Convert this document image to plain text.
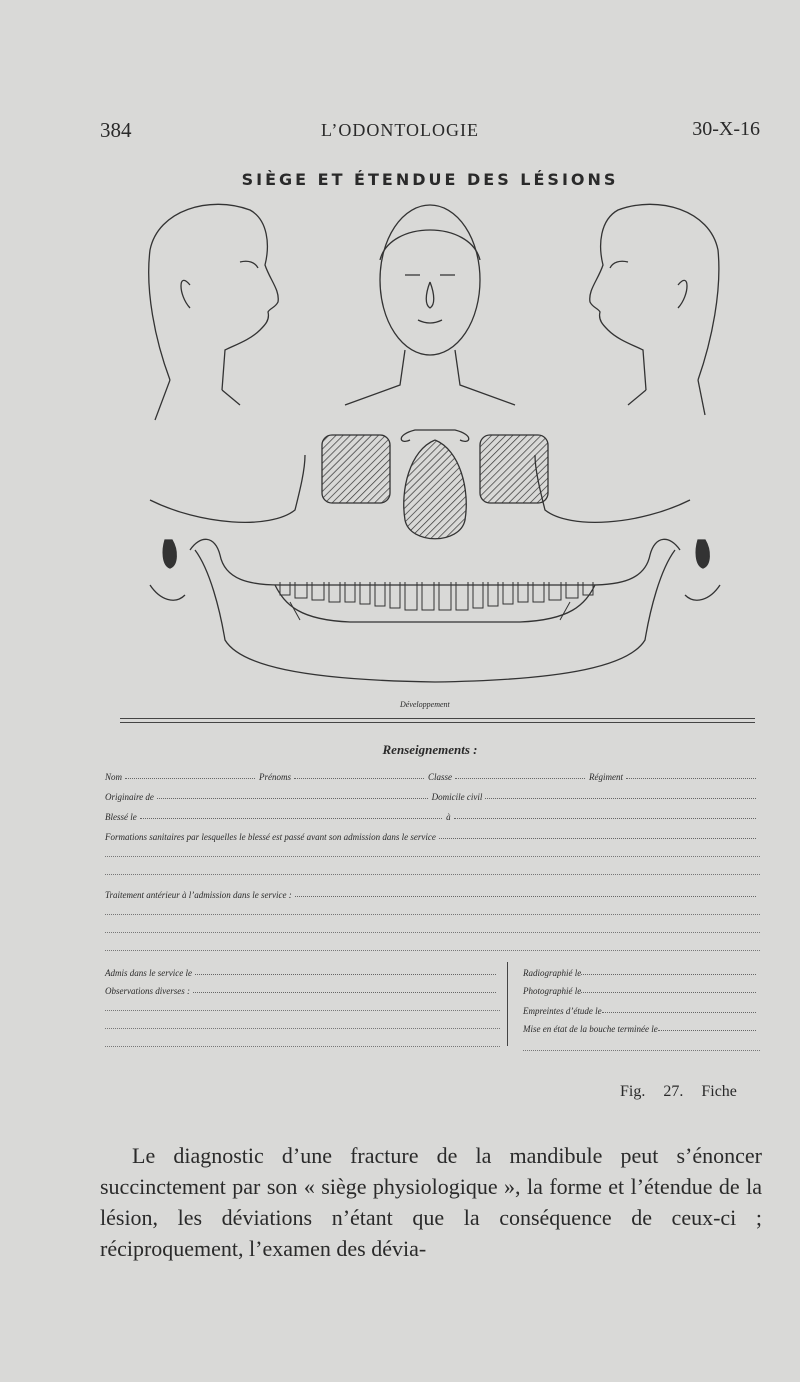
384	L’ODONTOLOGIE	30-X-16
SIÈGE ET ÉTENDUE DES LÉSIONS
Développement
Renseignements :
Nom	Prénoms	Classe	Régiment
Originaire de	Domicile civil
Blessé le	à
Formations sanitaires par lesquelles le blessé est passé avant son admission dans le service
Traitement antérieur à l’admission dans le service :
Admis dans le service le
Observations diverses :
Radiographié le
Photographié le
Empreintes d’étude le
Mise en état de la bouche terminée le
Fig. 27. Fiche

Le diagnostic d’une fracture de la mandibule peut s’énoncer succinctement par son « siège physiologique », la forme et l’étendue de la lésion, les déviations n’étant que la conséquence de ceux-ci ; réciproquement, l’examen des dévia-
